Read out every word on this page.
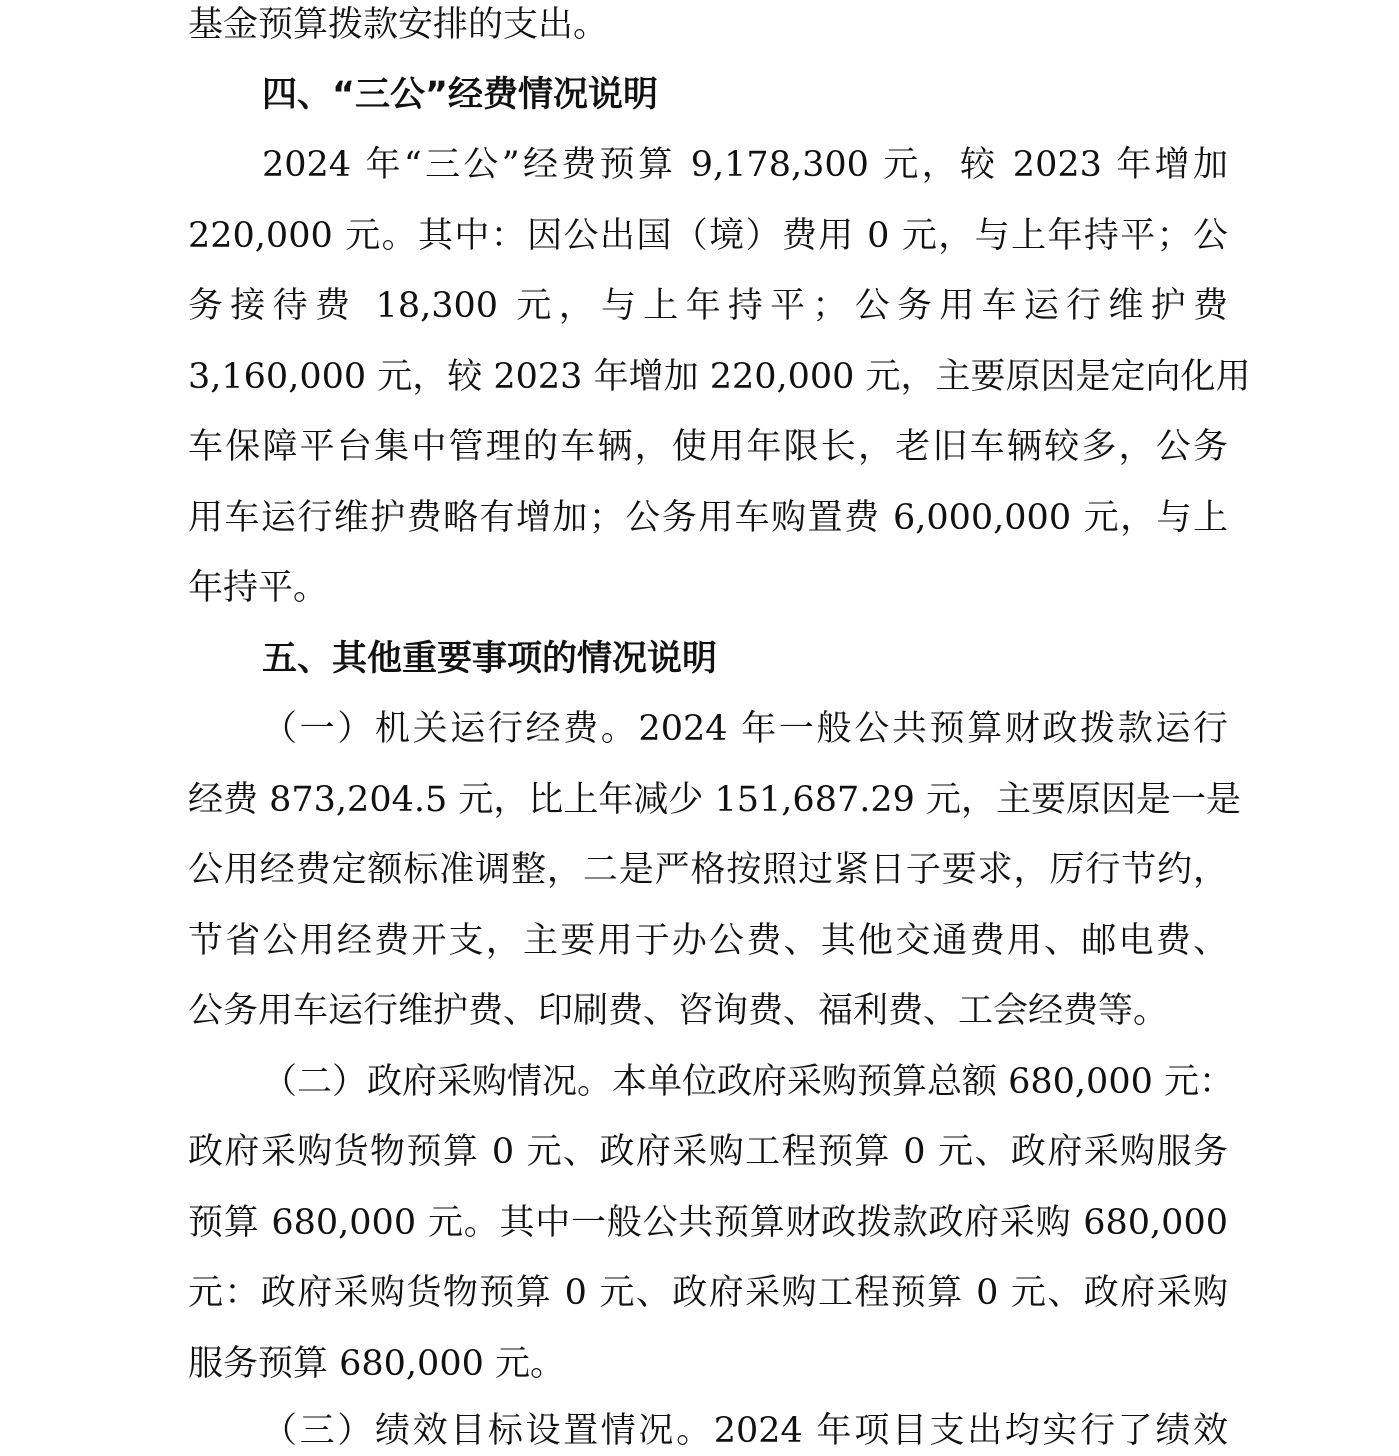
基金预算拨款安排的支出。
四、“三公”经费情况说明
2024 年“三公”经费预算 9,178,300 元，较 2023 年增加
220,000 元。其中：因公出国（境）费用 0 元，与上年持平；公
务接待费 18,300 元，与上年持平；公务用车运行维护费
3,160,000 元，较 2023 年增加 220,000 元，主要原因是定向化用
车保障平台集中管理的车辆，使用年限长，老旧车辆较多，公务
用车运行维护费略有增加；公务用车购置费 6,000,000 元，与上
年持平。
五、其他重要事项的情况说明
（一）机关运行经费。2024 年一般公共预算财政拨款运行
经费 873,204.5 元，比上年减少 151,687.29 元，主要原因是一是
公用经费定额标准调整，二是严格按照过紧日子要求，厉行节约，
节省公用经费开支，主要用于办公费、其他交通费用、邮电费、
公务用车运行维护费、印刷费、咨询费、福利费、工会经费等。
（二）政府采购情况。本单位政府采购预算总额 680,000 元：
政府采购货物预算 0 元、政府采购工程预算 0 元、政府采购服务
预算 680,000 元。其中一般公共预算财政拨款政府采购 680,000
元：政府采购货物预算 0 元、政府采购工程预算 0 元、政府采购
服务预算 680,000 元。
（三）绩效目标设置情况。2024 年项目支出均实行了绩效
